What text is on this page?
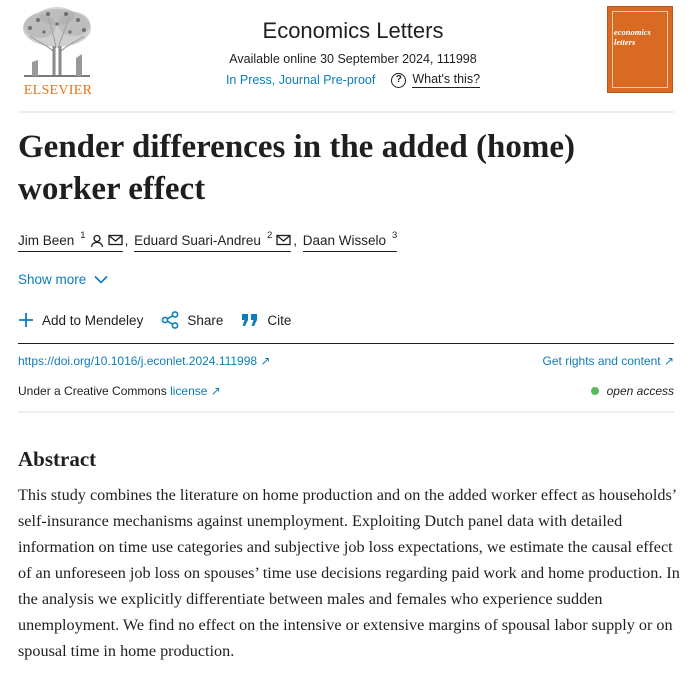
ELSEVIER
Economics Letters
Available online 30 September 2024, 111998
In Press, Journal Pre-proof	? What's this?
economics
letters
Gender differences in the added (home) worker effect
Jim Been $^1$	, Eduard Suari-Andreu $^2$ , Daan Wisselo $^3$
Show more
Add to Mendeley	Share	Cite
https://doi.org/10.1016/j.econlet.2024.111998 ↗	Get rights and content ↗
Under a Creative Commons license ↗	open access
Abstract

This study combines the literature on home production and on the added worker effect as households’ self-insurance mechanisms against unemployment. Exploiting Dutch panel data with detailed information on time use categories and subjective job loss expectations, we estimate the causal effect of an unforeseen job loss on spouses’ time use decisions regarding paid work and home production. In the analysis we explicitly differentiate between males and females who experience sudden unemployment. We find no effect on the intensive or extensive margins of spousal labor supply or on spousal time in home production.
